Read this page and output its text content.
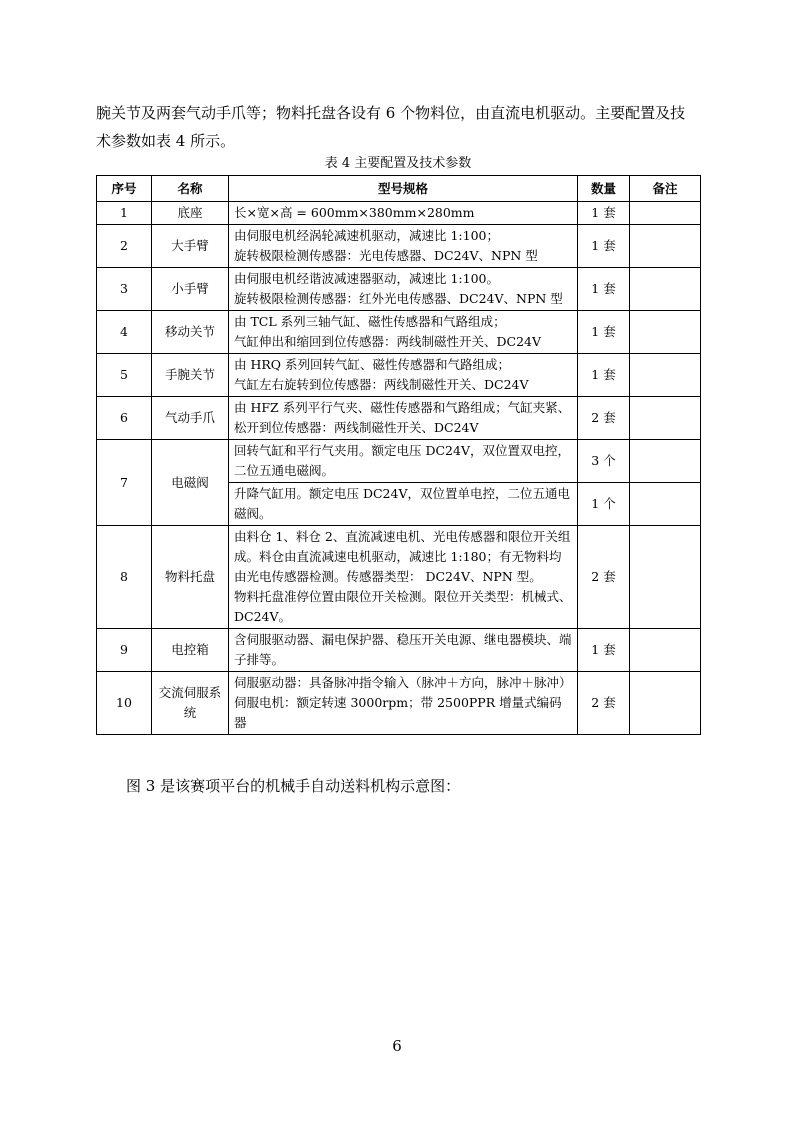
腕关节及两套气动手爪等；物料托盘各设有 6 个物料位，由直流电机驱动。主要配置及技术参数如表 4 所示。

表 4 主要配置及技术参数
序号	名称	型号规格	数量	备注
1	底座	长×宽×高 = 600mm×380mm×280mm	1 套	
2	大手臂	由伺服电机经涡轮减速机驱动，减速比 1:100；
旋转极限检测传感器：光电传感器、DC24V、NPN 型	1 套	
3	小手臂	由伺服电机经谐波减速器驱动，减速比 1:100。
旋转极限检测传感器：红外光电传感器、DC24V、NPN 型	1 套	
4	移动关节	由 TCL 系列三轴气缸、磁性传感器和气路组成；
气缸伸出和缩回到位传感器：两线制磁性开关、DC24V	1 套	
5	手腕关节	由 HRQ 系列回转气缸、磁性传感器和气路组成；
气缸左右旋转到位传感器：两线制磁性开关、DC24V	1 套	
6	气动手爪	由 HFZ 系列平行气夹、磁性传感器和气路组成；气缸夹紧、松开到位传感器：两线制磁性开关、DC24V	2 套	
7	电磁阀	回转气缸和平行气夹用。额定电压 DC24V，双位置双电控，二位五通电磁阀。	3 个	

		升降气缸用。额定电压 DC24V，双位置单电控，二位五通电磁阀。	1 个	
8	物料托盘	由料仓 1、料仓 2、直流减速电机、光电传感器和限位开关组成。料仓由直流减速电机驱动，减速比 1:180；有无物料均由光电传感器检测。传感器类型： DC24V、NPN 型。
物料托盘准停位置由限位开关检测。限位开关类型：机械式、DC24V。	2 套	
9	电控箱	含伺服驱动器、漏电保护器、稳压开关电源、继电器模块、端子排等。	1 套	
10	交流伺服系统	伺服驱动器：具备脉冲指令输入（脉冲＋方向，脉冲＋脉冲）
伺服电机：额定转速 3000rpm；带 2500PPR 增量式编码器	2 套	

图 3 是该赛项平台的机械手自动送料机构示意图：

6
